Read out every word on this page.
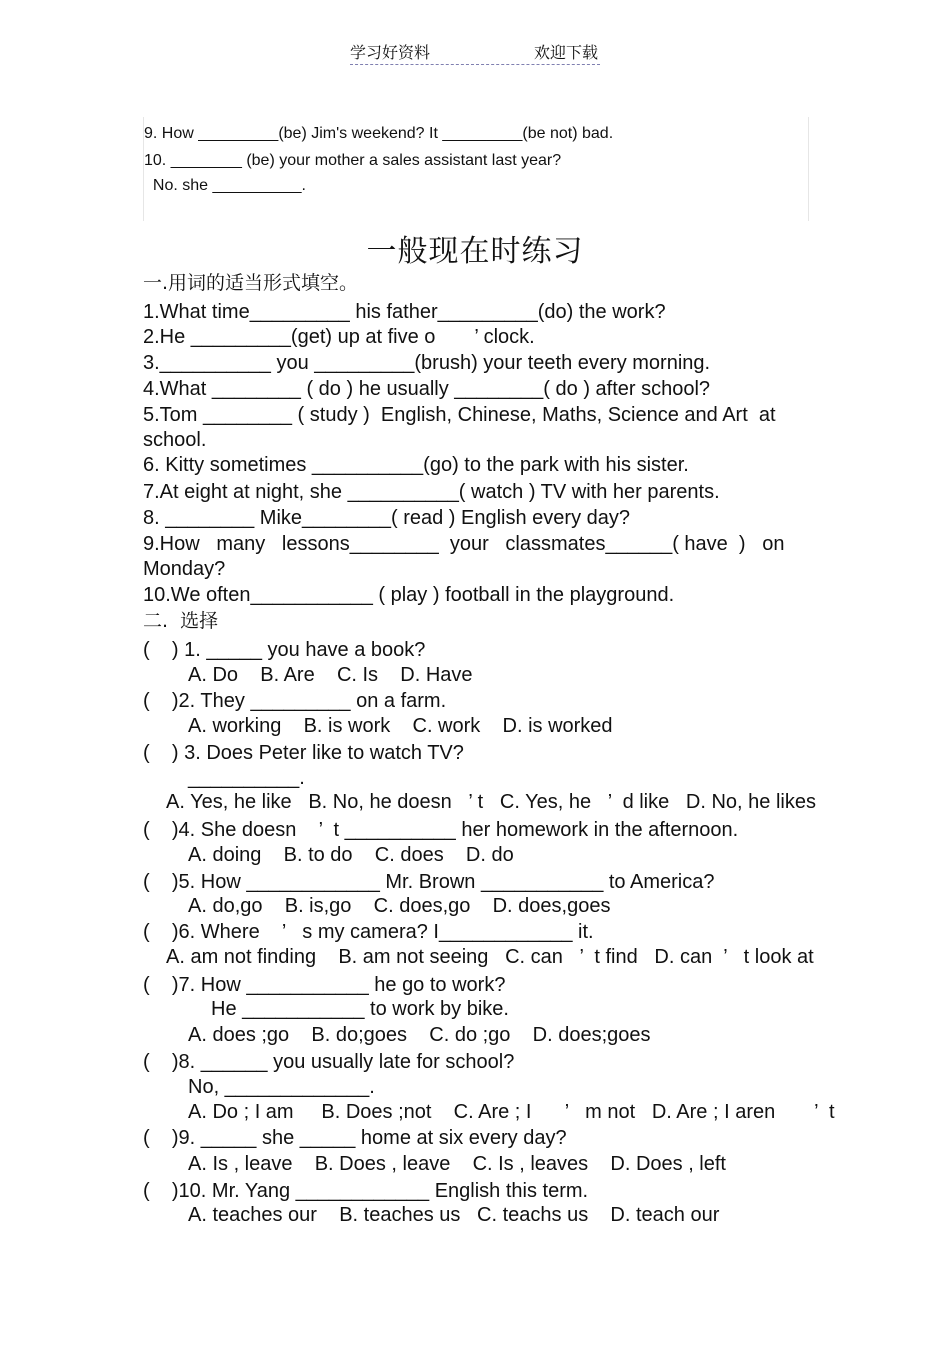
学习好资料	欢迎下载
9. How _________(be) Jim's weekend? It _________(be not) bad.
10. ________ (be) your mother a sales assistant last year?
No. she __________.
一般现在时练习
一.用词的适当形式填空。
1.What time_________ his father_________(do) the work?
2.He _________(get) up at five o       ’ clock.
3.__________ you _________(brush) your teeth every morning.
4.What ________ ( do ) he usually ________( do ) after school?
5.Tom ________ ( study )  English, Chinese, Maths, Science and Art  at
school.
6. Kitty sometimes __________(go) to the park with his sister.
7.At eight at night, she __________( watch ) TV with her parents.
8. ________ Mike________( read ) English every day?
9.How   many   lessons________  your   classmates______( have  )   on
Monday?
10.We often___________ ( play ) football in the playground.
二.  选择
(    ) 1. _____ you have a book?
A. Do    B. Are    C. Is    D. Have
(    )2. They _________ on a farm.
A. working    B. is work    C. work    D. is worked
(    ) 3. Does Peter like to watch TV?
__________.
A. Yes, he like   B. No, he doesn   ’ t   C. Yes, he   ’  d like   D. No, he likes
(    )4. She doesn    ’  t __________ her homework in the afternoon.
A. doing    B. to do    C. does    D. do
(    )5. How ____________ Mr. Brown ___________ to America?
A. do,go    B. is,go    C. does,go    D. does,goes
(    )6. Where    ’   s my camera? I____________ it.
A. am not finding    B. am not seeing   C. can   ’  t find   D. can  ’   t look at
(    )7. How ___________ he go to work?
He ___________ to work by bike.
A. does ;go    B. do;goes    C. do ;go    D. does;goes
(    )8. ______ you usually late for school?
No, _____________.
A. Do ; I am     B. Does ;not    C. Are ; I      ’   m not   D. Are ; I aren       ’  t
(    )9. _____ she _____ home at six every day?
A. Is , leave    B. Does , leave    C. Is , leaves    D. Does , left
(    )10. Mr. Yang ____________ English this term.
A. teaches our    B. teaches us   C. teachs us    D. teach our
